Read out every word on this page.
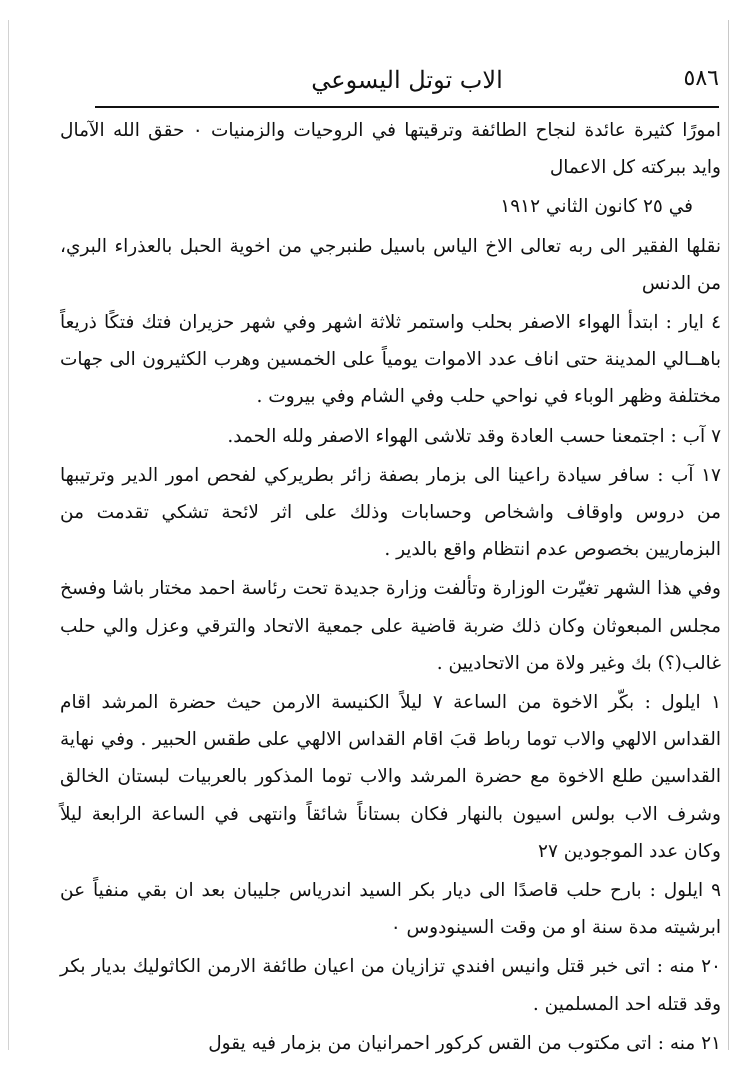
٥٨٦
الاب توتل اليسوعي

امورًا كثيرة عائدة لنجاح الطائفة وترقيتها في الروحيات والزمنيات ٠ حقق الله الآمال وايد ببركته كل الاعمال

في ٢٥ كانون الثاني ١٩١٢

نقلها الفقير الى ربه تعالى الاخ الياس باسيل طنبرجي من اخوية الحبل بالعذراء البري، من الدنس

٤ ايار : ابتدأ الهواء الاصفر بحلب واستمر ثلاثة اشهر وفي شهر حزيران فتك فتكًا ذريعاً باهــالي المدينة حتى اناف عدد الاموات يومياً على الخمسين وهرب الكثيرون الى جهات مختلفة وظهر الوباء في نواحي حلب وفي الشام وفي بيروت .

٧ آب : اجتمعنا حسب العادة وقد تلاشى الهواء الاصفر ولله الحمد.

١٧ آب : سافر سيادة راعينا الى بزمار بصفة زائر بطريركي لفحص امور الدير وترتيبها من دروس واوقاف واشخاص وحسابات وذلك على اثر لائحة تشكي تقدمت من البزماريين بخصوص عدم انتظام واقع بالدير .

وفي هذا الشهر تغيّرت الوزارة وتألفت وزارة جديدة تحت رئاسة احمد مختار باشا وفسخ مجلس المبعوثان وكان ذلك ضربة قاضية على جمعية الاتحاد والترقي وعزل والي حلب غالب(؟) بك وغير ولاة من الاتحاديين .

١ ايلول : بكّر الاخوة من الساعة ٧ ليلاً الكنيسة الارمن حيث حضرة المرشد اقام القداس الالهي والاب توما رباط قبَ اقام القداس الالهي على طقس الحبير . وفي نهاية القداسين طلع الاخوة مع حضرة المرشد والاب توما المذكور بالعربيات لبستان الخالق وشرف الاب بولس اسيون بالنهار فكان بستاناً شائقاً وانتهى في الساعة الرابعة ليلاً وكان عدد الموجودين ٢٧

٩ ايلول : بارح حلب قاصدًا الى ديار بكر السيد اندرياس جليبان بعد ان بقي منفياً عن ابرشيته مدة سنة او من وقت السينودوس ٠

٢٠ منه : اتى خبر قتل وانيس افندي تزازيان من اعيان طائفة الارمن الكاثوليك بديار بكر وقد قتله احد المسلمين .

٢١ منه : اتى مكتوب من القس كركور احمرانيان من بزمار فيه يقول
